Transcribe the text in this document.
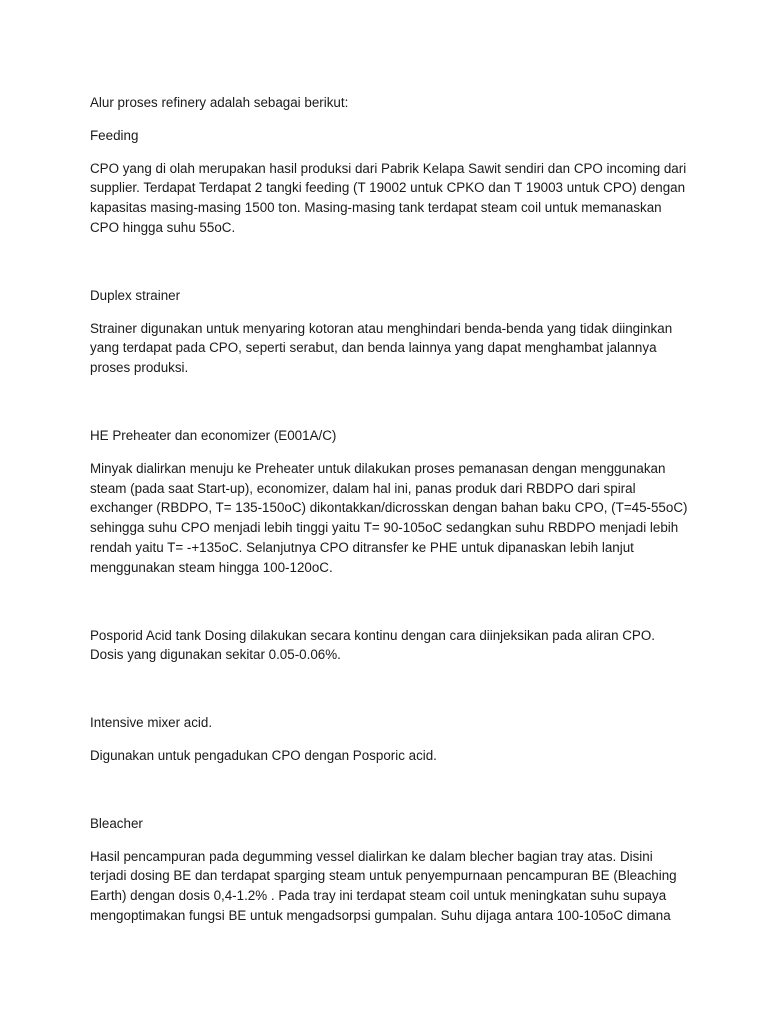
Alur proses refinery adalah sebagai berikut:

Feeding

CPO yang di olah merupakan hasil produksi dari Pabrik Kelapa Sawit sendiri dan CPO incoming dari supplier. Terdapat Terdapat 2 tangki feeding (T 19002 untuk CPKO dan T 19003 untuk CPO) dengan kapasitas masing-masing 1500 ton. Masing-masing tank terdapat steam coil untuk memanaskan CPO hingga suhu 55oC.

Duplex strainer

Strainer digunakan untuk menyaring kotoran atau menghindari benda-benda yang tidak diinginkan yang terdapat pada CPO, seperti serabut, dan benda lainnya yang dapat menghambat jalannya proses produksi.

HE Preheater dan economizer (E001A/C)

Minyak dialirkan menuju ke Preheater untuk dilakukan proses pemanasan dengan menggunakan steam (pada saat Start-up), economizer, dalam hal ini, panas produk dari RBDPO dari spiral exchanger (RBDPO, T= 135-150oC) dikontakkan/dicrosskan dengan bahan baku CPO, (T=45-55oC) sehingga suhu CPO menjadi lebih tinggi yaitu T= 90-105oC sedangkan suhu RBDPO menjadi lebih rendah yaitu T= -+135oC. Selanjutnya CPO ditransfer ke PHE untuk dipanaskan lebih lanjut menggunakan steam hingga 100-120oC.

Posporid Acid tank Dosing dilakukan secara kontinu dengan cara diinjeksikan pada aliran CPO. Dosis yang digunakan sekitar 0.05-0.06%.

Intensive mixer acid.

Digunakan untuk pengadukan CPO dengan Posporic acid.

Bleacher

Hasil pencampuran pada degumming vessel dialirkan ke dalam blecher bagian tray atas. Disini terjadi dosing BE dan terdapat sparging steam untuk penyempurnaan pencampuran BE (Bleaching Earth) dengan dosis 0,4-1.2% . Pada tray ini terdapat steam coil untuk meningkatan suhu supaya mengoptimakan fungsi BE untuk mengadsorpsi gumpalan. Suhu dijaga antara 100-105oC dimana
